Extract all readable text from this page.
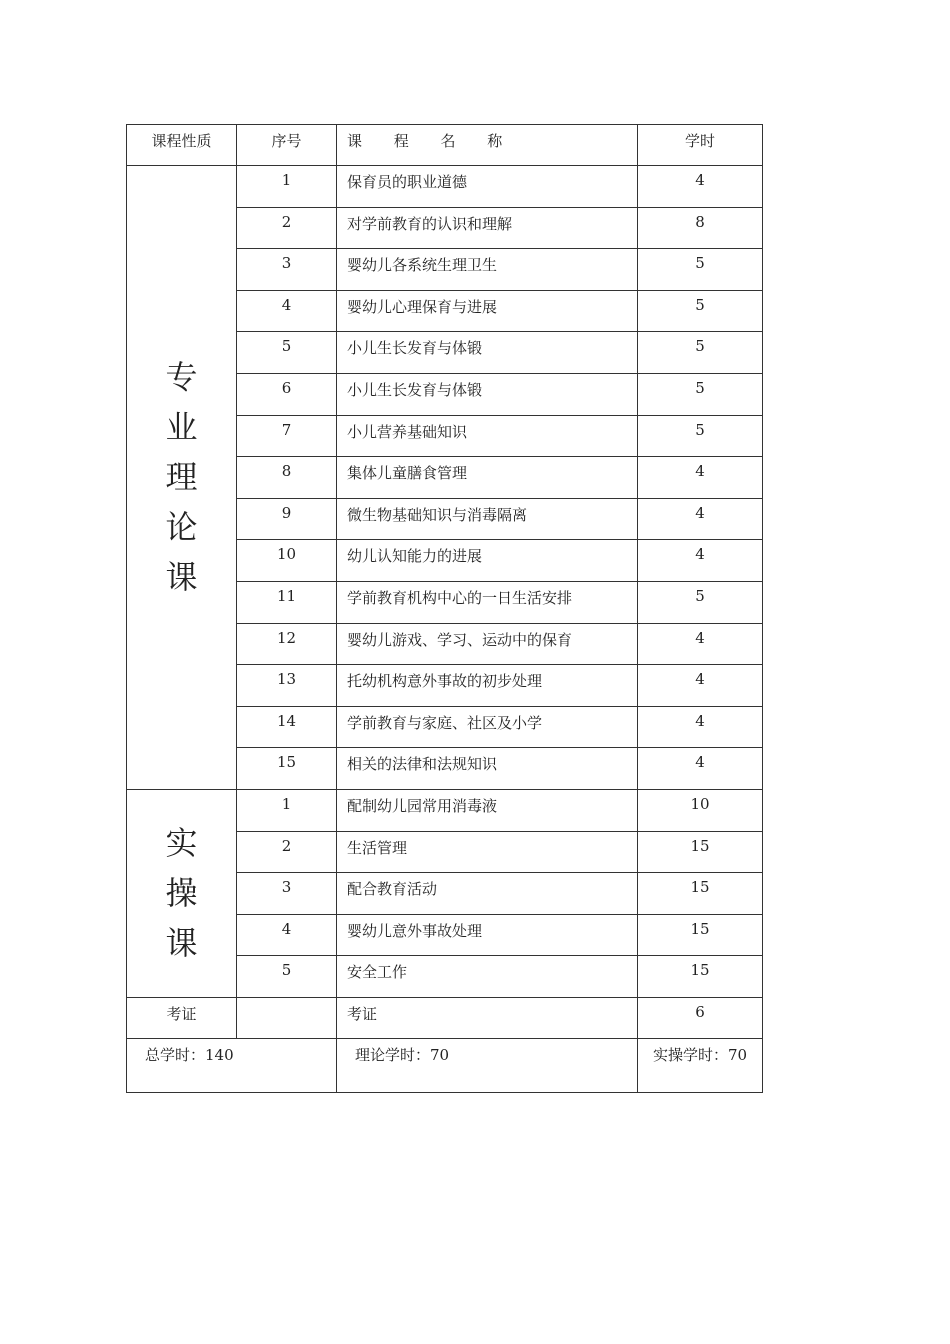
课程性质	序号	课 程 名 称	学时
专业理论课	1	保育员的职业道德	4
	2	对学前教育的认识和理解	8
	3	婴幼儿各系统生理卫生	5
	4	婴幼儿心理保育与进展	5
	5	小儿生长发育与体锻	5
	6	小儿生长发育与体锻	5
	7	小儿营养基础知识	5
	8	集体儿童膳食管理	4
	9	微生物基础知识与消毒隔离	4
	10	幼儿认知能力的进展	4
	11	学前教育机构中心的一日生活安排	5
	12	婴幼儿游戏、学习、运动中的保育	4
	13	托幼机构意外事故的初步处理	4
	14	学前教育与家庭、社区及小学	4
	15	相关的法律和法规知识	4
实操课	1	配制幼儿园常用消毒液	10
	2	生活管理	15
	3	配合教育活动	15
	4	婴幼儿意外事故处理	15
	5	安全工作	15
考证		考证	6
总学时：140		理论学时：70	实操学时：70
